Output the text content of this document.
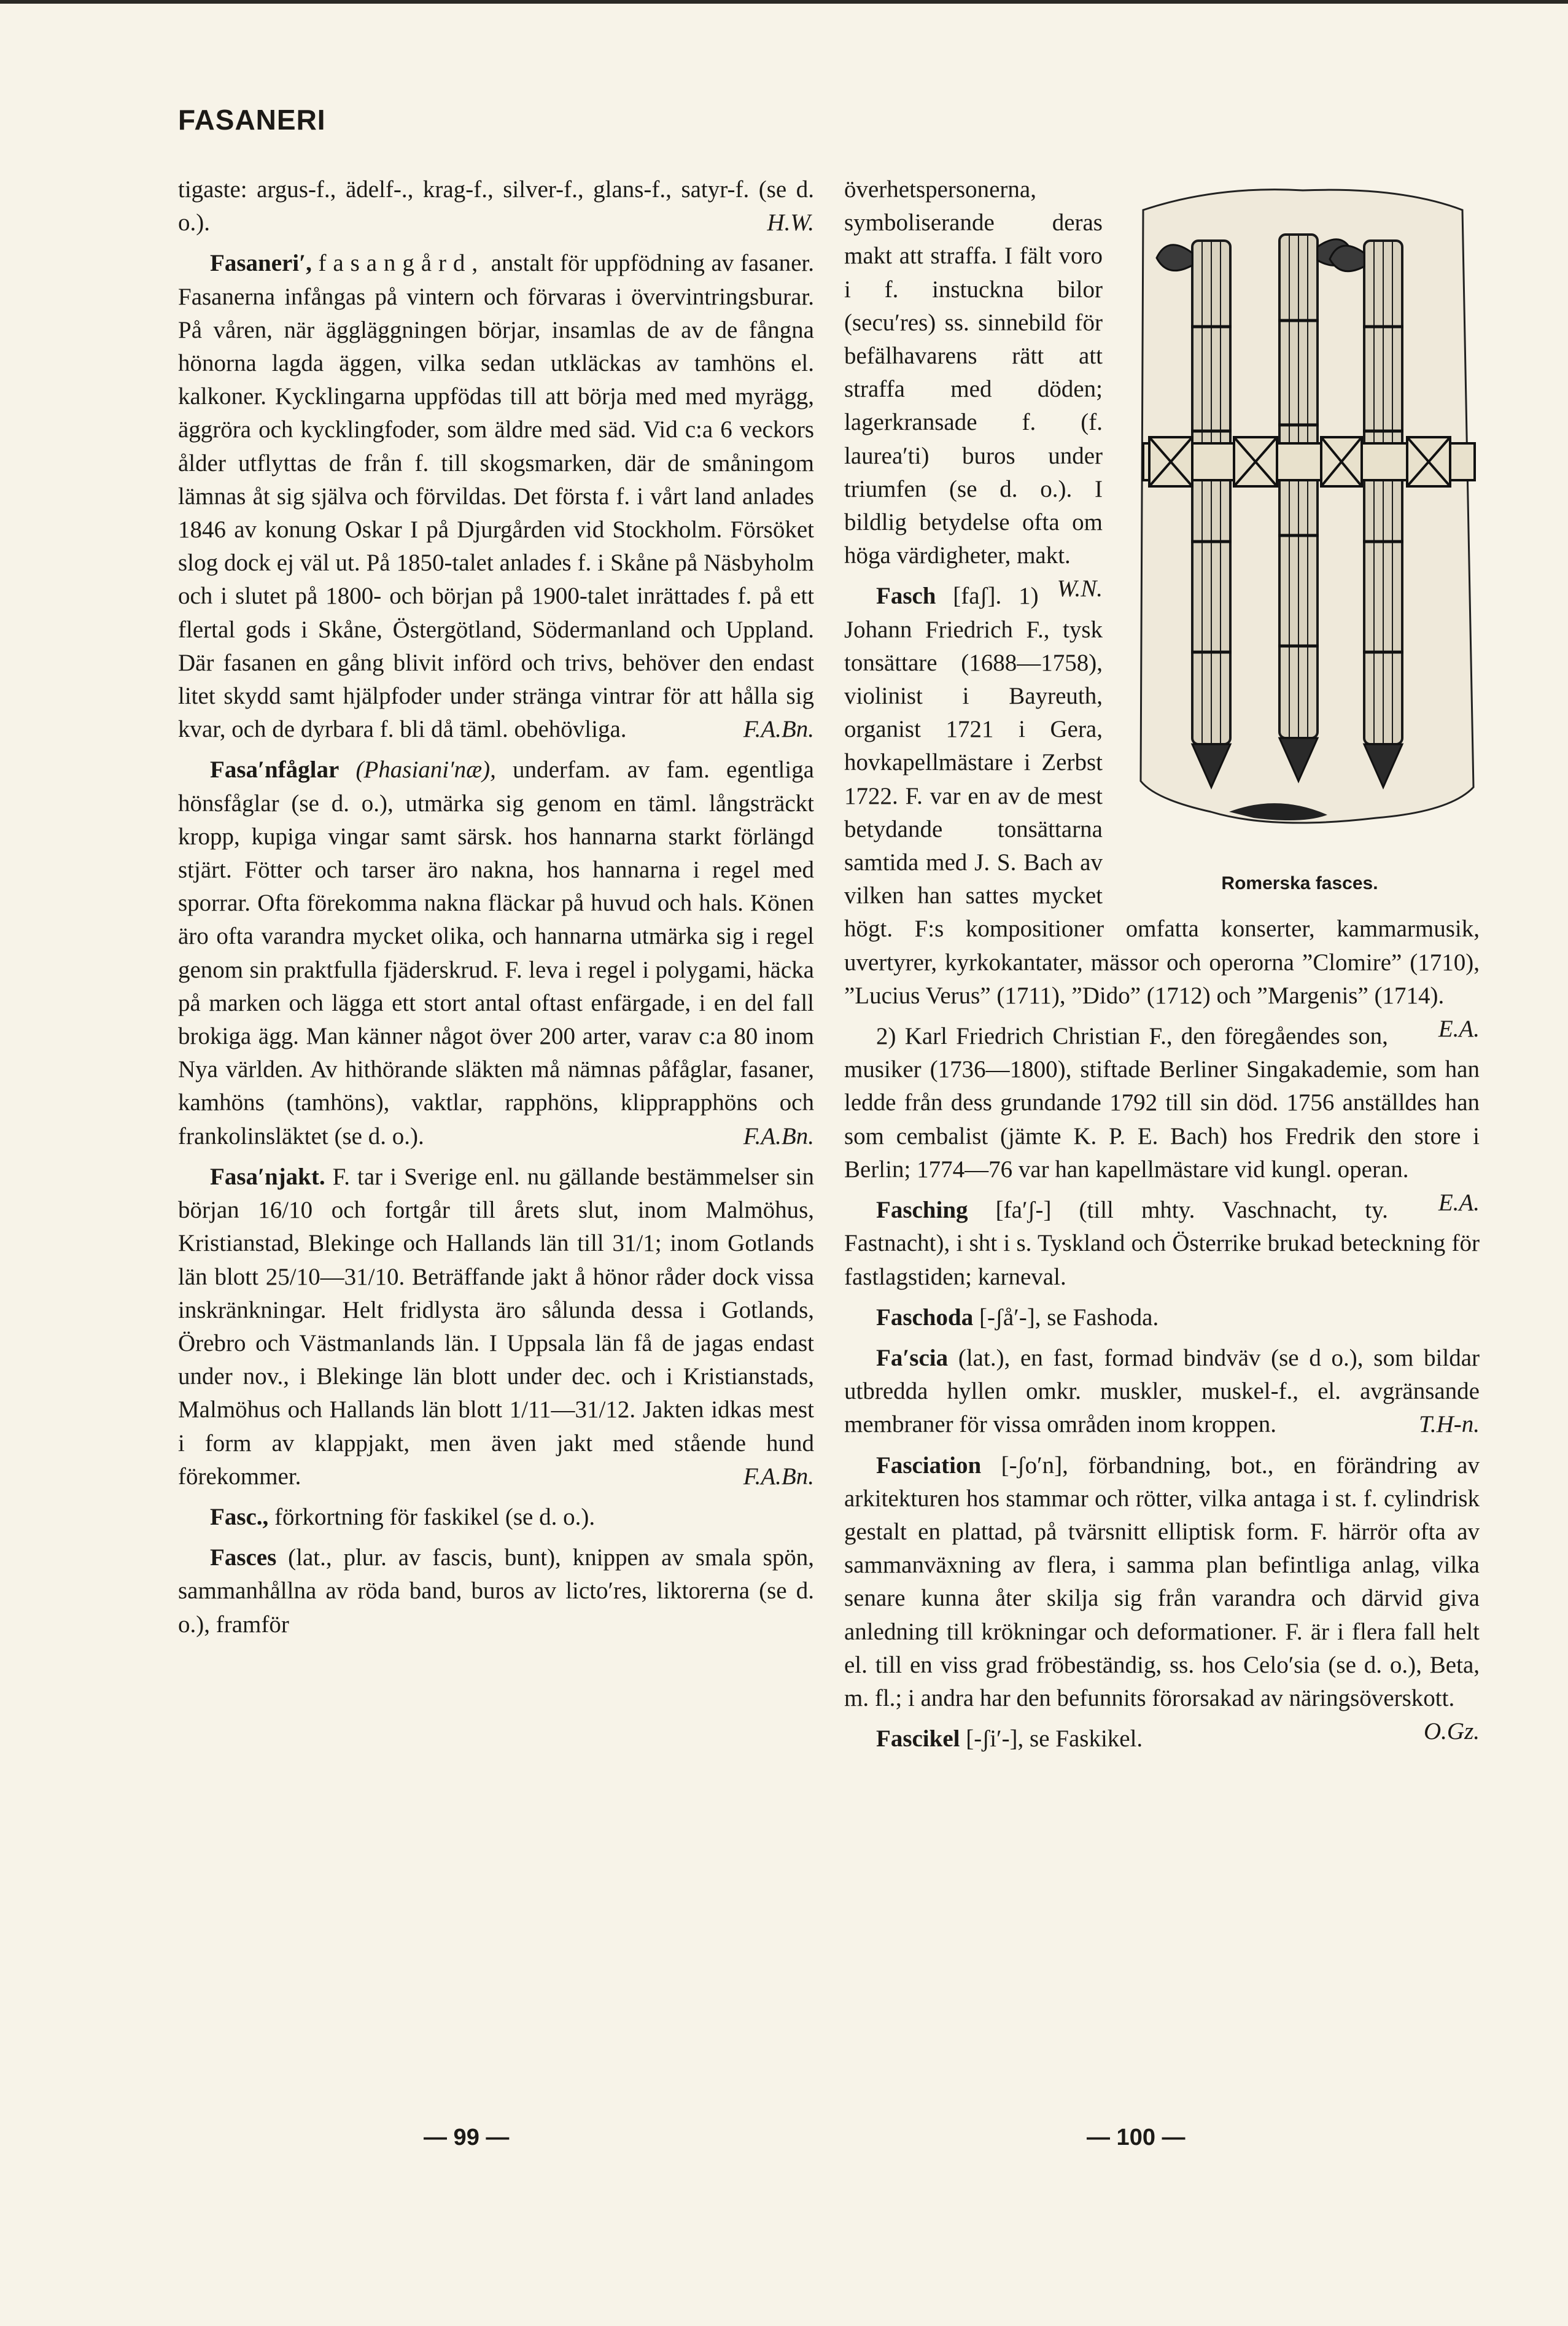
FASANERI

tigaste: argus-f., ädelf-., krag-f., silver-f., glans-f., satyr-f. (se d. o.).	H.W.

Fasaneri′, fasangård, anstalt för uppfödning av fasaner. Fasanerna infångas på vintern och förvaras i övervintringsburar. På våren, när äggläggningen börjar, insamlas de av de fångna hönorna lagda äggen, vilka sedan utkläckas av tamhöns el. kalkoner. Kycklingarna uppfödas till att börja med med myrägg, äggröra och kycklingfoder, som äldre med säd. Vid c:a 6 veckors ålder utflyttas de från f. till skogsmarken, där de småningom lämnas åt sig själva och förvildas. Det första f. i vårt land anlades 1846 av konung Oskar I på Djurgården vid Stockholm. Försöket slog dock ej väl ut. På 1850-talet anlades f. i Skåne på Näsbyholm och i slutet på 1800- och början på 1900-talet inrättades f. på ett flertal gods i Skåne, Östergötland, Södermanland och Uppland. Där fasanen en gång blivit införd och trivs, behöver den endast litet skydd samt hjälpfoder under stränga vintrar för att hålla sig kvar, och de dyrbara f. bli då täml. obehövliga.	F.A.Bn.

Fasa′nfåglar (Phasiani′næ), underfam. av fam. egentliga hönsfåglar (se d. o.), utmärka sig genom en täml. långsträckt kropp, kupiga vingar samt särsk. hos hannarna starkt förlängd stjärt. Fötter och tarser äro nakna, hos hannarna i regel med sporrar. Ofta förekomma nakna fläckar på huvud och hals. Könen äro ofta varandra mycket olika, och hannarna utmärka sig i regel genom sin praktfulla fjäderskrud. F. leva i regel i polygami, häcka på marken och lägga ett stort antal oftast enfärgade, i en del fall brokiga ägg. Man känner något över 200 arter, varav c:a 80 inom Nya världen. Av hithörande släkten må nämnas påfåglar, fasaner, kamhöns (tamhöns), vaktlar, rapphöns, klipprapphöns och frankolinsläktet (se d. o.).	F.A.Bn.

Fasa′njakt. F. tar i Sverige enl. nu gällande bestämmelser sin början 16/10 och fortgår till årets slut, inom Malmöhus, Kristianstad, Blekinge och Hallands län till 31/1; inom Gotlands län blott 25/10—31/10. Beträffande jakt å hönor råder dock vissa inskränkningar. Helt fridlysta äro sålunda dessa i Gotlands, Örebro och Västmanlands län. I Uppsala län få de jagas endast under nov., i Blekinge län blott under dec. och i Kristianstads, Malmöhus och Hallands län blott 1/11—31/12. Jakten idkas mest i form av klappjakt, men även jakt med stående hund förekommer.	F.A.Bn.

Fasc., förkortning för faskikel (se d. o.).

Fasces (lat., plur. av fascis, bunt), knippen av smala spön, sammanhållna av röda band, buros av licto′res, liktorerna (se d. o.), framför

Romerska fasces.

överhetspersonerna, symboliserande deras makt att straffa. I fält voro i f. instuckna bilor (secu′res) ss. sinnebild för befälhavarens rätt att straffa med döden; lagerkransade f. (f. laurea′ti) buros under triumfen (se d. o.). I bildlig betydelse ofta om höga värdigheter, makt.
W.N.

Fasch [faʃ]. 1) Johann Friedrich F., tysk tonsättare (1688—1758), violinist i Bayreuth, organist 1721 i Gera, hovkapellmästare i Zerbst 1722. F. var en av de mest betydande tonsättarna samtida med J. S. Bach av vilken han sattes mycket högt. F:s kompositioner omfatta konserter, kammarmusik, uvertyrer, kyrkokantater, mässor och operorna ”Clomire” (1710), ”Lucius Verus” (1711), ”Dido” (1712) och ”Margenis” (1714).
E.A.

2) Karl Friedrich Christian F., den föregåendes son, musiker (1736—1800), stiftade Berliner Singakademie, som han ledde från dess grundande 1792 till sin död. 1756 anställdes han som cembalist (jämte K. P. E. Bach) hos Fredrik den store i Berlin; 1774—76 var han kapellmästare vid kungl. operan.
E.A.

Fasching [fa′ʃ-] (till mhty. Vaschnacht, ty. Fastnacht), i sht i s. Tyskland och Österrike brukad beteckning för fastlagstiden; karneval.

Faschoda [-ʃå′-], se Fashoda.

Fa′scia (lat.), en fast, formad bindväv (se d o.), som bildar utbredda hyllen omkr. muskler, muskel-f., el. avgränsande membraner för vissa områden inom kroppen.	T.H-n.

Fasciation [-ʃo′n], förbandning, bot., en förändring av arkitekturen hos stammar och rötter, vilka antaga i st. f. cylindrisk gestalt en plattad, på tvärsnitt elliptisk form. F. härrör ofta av sammanväxning av flera, i samma plan befintliga anlag, vilka senare kunna åter skilja sig från varandra och därvid giva anledning till krökningar och deformationer. F. är i flera fall helt el. till en viss grad fröbeständig, ss. hos Celo′sia (se d. o.), Beta, m. fl.; i andra har den befunnits förorsakad av näringsöverskott.
O.Gz.

Fascikel [-ʃi′-], se Faskikel.

— 99 —	— 100 —
